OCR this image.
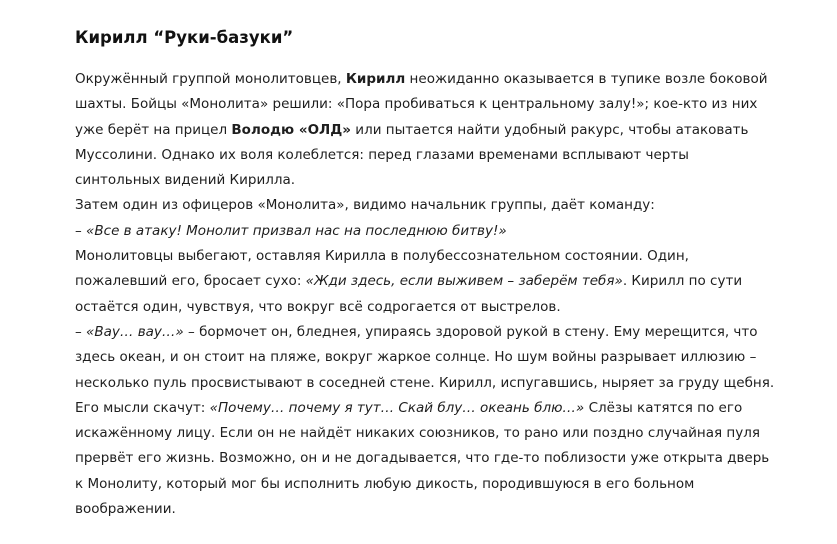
Кирилл “Руки-базуки”

Окружённый группой монолитовцев, Кирилл неожиданно оказывается в тупике возле боковой шахты. Бойцы «Монолита» решили: «Пора пробиваться к центральному залу!»; кое-кто из них уже берёт на прицел Володю «ОЛД» или пытается найти удобный ракурс, чтобы атаковать Муссолини. Однако их воля колеблется: перед глазами временами всплывают черты синтольных видений Кирилла.

Затем один из офицеров «Монолита», видимо начальник группы, даёт команду:

– «Все в атаку! Монолит призвал нас на последнюю битву!»

Монолитовцы выбегают, оставляя Кирилла в полубессознательном состоянии. Один, пожалевший его, бросает сухо: «Жди здесь, если выживем – заберём тебя». Кирилл по сути остаётся один, чувствуя, что вокруг всё содрогается от выстрелов.

– «Вау… вау…» – бормочет он, бледнея, упираясь здоровой рукой в стену. Ему мерещится, что здесь океан, и он стоит на пляже, вокруг жаркое солнце. Но шум войны разрывает иллюзию – несколько пуль просвистывают в соседней стене. Кирилл, испугавшись, ныряет за груду щебня. Его мысли скачут: «Почему… почему я тут… Скай блу… океань блю…» Слёзы катятся по его искажённому лицу. Если он не найдёт никаких союзников, то рано или поздно случайная пуля прервёт его жизнь. Возможно, он и не догадывается, что где-то поблизости уже открыта дверь к Монолиту, который мог бы исполнить любую дикость, породившуюся в его больном воображении.
